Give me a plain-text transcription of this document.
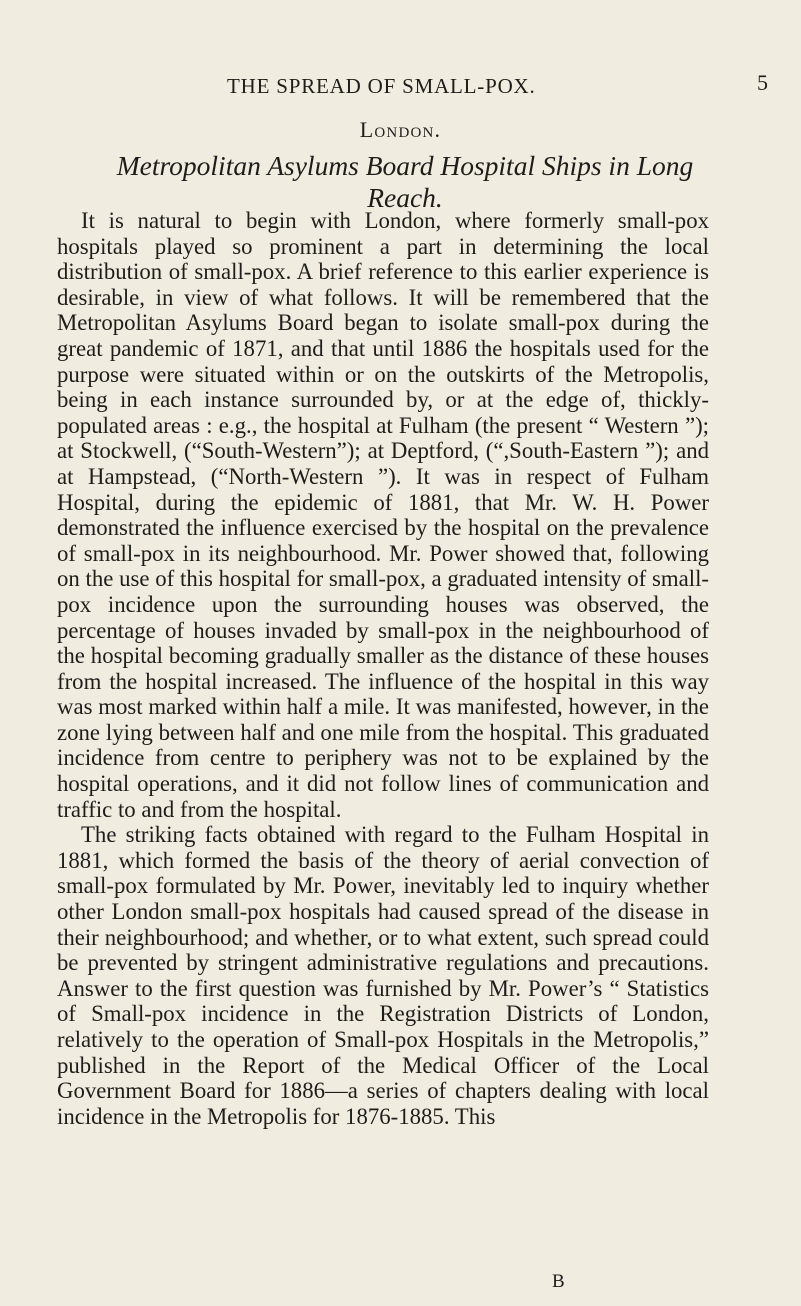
THE SPREAD OF SMALL-POX.	5
London.
Metropolitan Asylums Board Hospital Ships in Long Reach.

It is natural to begin with London, where formerly small-pox hospitals played so prominent a part in determining the local distribution of small-pox. A brief reference to this earlier experience is desirable, in view of what follows. It will be remembered that the Metropolitan Asylums Board began to isolate small-pox during the great pandemic of 1871, and that until 1886 the hospitals used for the purpose were situated within or on the outskirts of the Metropolis, being in each instance surrounded by, or at the edge of, thickly-populated areas : e.g., the hospital at Fulham (the present “ Western ”); at Stockwell, (“South-Western”); at Deptford, (“,South-Eastern ”); and at Hampstead, (“North-Western ”). It was in respect of Fulham Hospital, during the epidemic of 1881, that Mr. W. H. Power demonstrated the influence exercised by the hospital on the prevalence of small-pox in its neighbourhood. Mr. Power showed that, following on the use of this hospital for small-pox, a graduated intensity of small-pox incidence upon the surrounding houses was observed, the percentage of houses invaded by small-pox in the neighbourhood of the hospital becoming gradually smaller as the distance of these houses from the hospital increased. The influence of the hospital in this way was most marked within half a mile. It was manifested, however, in the zone lying between half and one mile from the hospital. This graduated incidence from centre to periphery was not to be explained by the hospital operations, and it did not follow lines of communication and traffic to and from the hospital.

The striking facts obtained with regard to the Fulham Hospital in 1881, which formed the basis of the theory of aerial convection of small-pox formulated by Mr. Power, inevitably led to inquiry whether other London small-pox hospitals had caused spread of the disease in their neighbourhood; and whether, or to what extent, such spread could be prevented by stringent administrative regulations and precautions. Answer to the first question was furnished by Mr. Power’s “ Statistics of Small-pox incidence in the Registration Districts of London, relatively to the operation of Small-pox Hospitals in the Metropolis,” published in the Report of the Medical Officer of the Local Government Board for 1886—a series of chapters dealing with local incidence in the Metropolis for 1876-1885. This

B
